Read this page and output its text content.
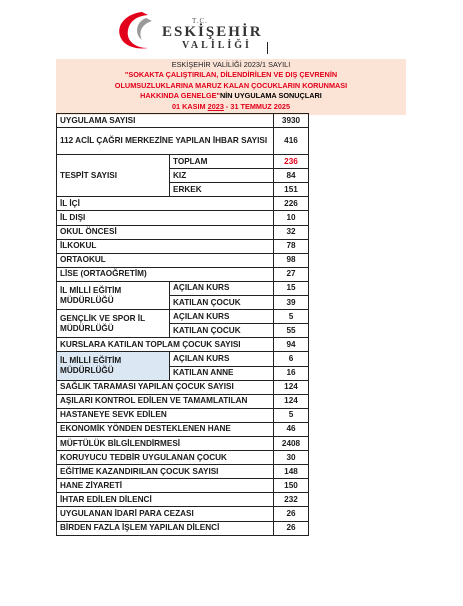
T.C.
ESKİŞEHİR
VALİLİĞİ
ESKİŞEHİR VALİLİĞİ 2023/1 SAYILI
"SOKAKTA ÇALIŞTIRILAN, DİLENDİRİLEN VE DIŞ ÇEVRENİN
OLUMSUZLUKLARINA MARUZ KALAN ÇOCUKLARIN KORUNMASI
HAKKINDA GENELGE"NİN UYGULAMA SONUÇLARI
01 KASIM 2023 - 31 TEMMUZ 2025
UYGULAMA SAYISI		3930
112 ACİL ÇAĞRI MERKEZİNE YAPILAN İHBAR SAYISI		416
TESPİT SAYISI	TOPLAM	236
	KIZ	84
	ERKEK	151
İL İÇİ		226
İL DIŞI		10
OKUL ÖNCESİ		32
İLKOKUL		78
ORTAOKUL		98
LİSE (ORTAOĞRETİM)		27
İL MİLLİ EĞİTİM MÜDÜRLÜĞÜ	AÇILAN KURS	15
	KATILAN ÇOCUK	39
GENÇLİK VE SPOR İL MÜDÜRLÜĞÜ	AÇILAN KURS	5
	KATILAN ÇOCUK	55
KURSLARA KATILAN TOPLAM ÇOCUK SAYISI		94
İL MİLLİ EĞİTİM MÜDÜRLÜĞÜ	AÇILAN KURS	6
	KATILAN ANNE	16
SAĞLIK TARAMASI YAPILAN ÇOCUK SAYISI		124
AŞILARI KONTROL EDİLEN VE TAMAMLATILAN		124
HASTANEYE SEVK EDİLEN		5
EKONOMİK YÖNDEN DESTEKLENEN HANE		46
MÜFTÜLÜK BİLGİLENDİRMESİ		2408
KORUYUCU TEDBİR UYGULANAN ÇOCUK		30
EĞİTİME KAZANDIRILAN ÇOCUK SAYISI		148
HANE ZİYARETİ		150
İHTAR EDİLEN DİLENCİ		232
UYGULANAN İDARİ PARA CEZASI		26
BİRDEN FAZLA İŞLEM YAPILAN DİLENCİ		26
